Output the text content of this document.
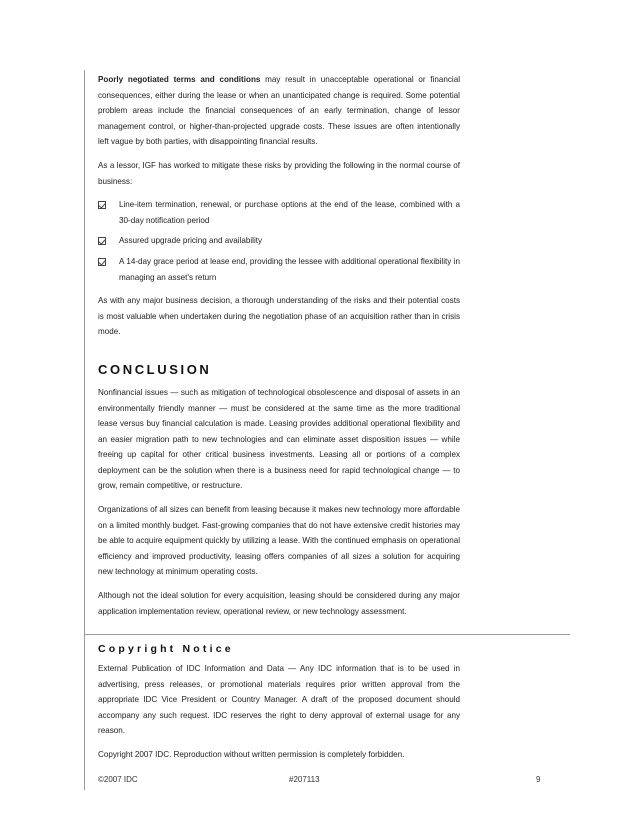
Poorly negotiated terms and conditions may result in unacceptable operational or financial consequences, either during the lease or when an unanticipated change is required. Some potential problem areas include the financial consequences of an early termination, change of lessor management control, or higher-than-projected upgrade costs. These issues are often intentionally left vague by both parties, with disappointing financial results.

As a lessor, IGF has worked to mitigate these risks by providing the following in the normal course of business:

Line-item termination, renewal, or purchase options at the end of the lease, combined with a 30-day notification period
Assured upgrade pricing and availability
A 14-day grace period at lease end, providing the lessee with additional operational flexibility in managing an asset's return

As with any major business decision, a thorough understanding of the risks and their potential costs is most valuable when undertaken during the negotiation phase of an acquisition rather than in crisis mode.

CONCLUSION

Nonfinancial issues — such as mitigation of technological obsolescence and disposal of assets in an environmentally friendly manner — must be considered at the same time as the more traditional lease versus buy financial calculation is made. Leasing provides additional operational flexibility and an easier migration path to new technologies and can eliminate asset disposition issues — while freeing up capital for other critical business investments. Leasing all or portions of a complex deployment can be the solution when there is a business need for rapid technological change — to grow, remain competitive, or restructure.

Organizations of all sizes can benefit from leasing because it makes new technology more affordable on a limited monthly budget. Fast-growing companies that do not have extensive credit histories may be able to acquire equipment quickly by utilizing a lease. With the continued emphasis on operational efficiency and improved productivity, leasing offers companies of all sizes a solution for acquiring new technology at minimum operating costs.

Although not the ideal solution for every acquisition, leasing should be considered during any major application implementation review, operational review, or new technology assessment.

Copyright Notice

External Publication of IDC Information and Data — Any IDC information that is to be used in advertising, press releases, or promotional materials requires prior written approval from the appropriate IDC Vice President or Country Manager. A draft of the proposed document should accompany any such request. IDC reserves the right to deny approval of external usage for any reason.

Copyright 2007 IDC. Reproduction without written permission is completely forbidden.

©2007 IDC	#207113	9
